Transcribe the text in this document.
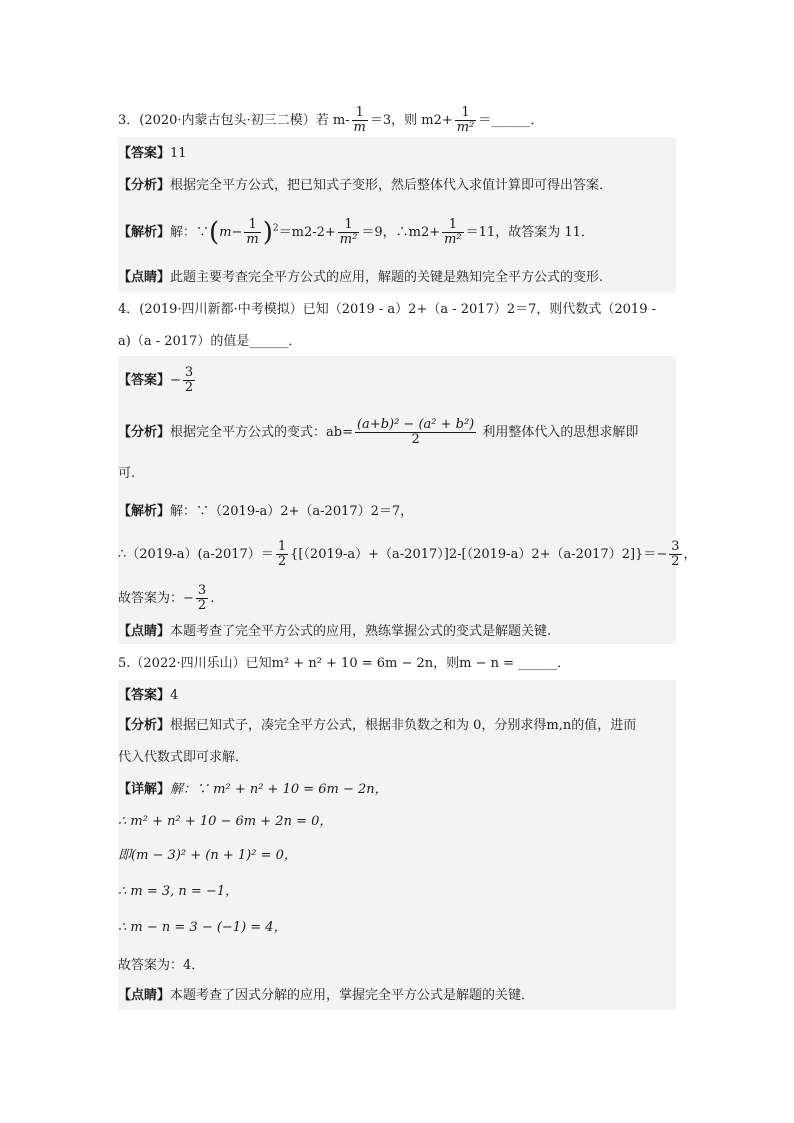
3．(2020·内蒙古包头·初三二模）若 $m- \frac{1}{m} =3$，则 $m2+ \frac{1}{\text{m²}}$ ＝______．
【答案】11
【分析】根据完全平方公式，把已知式子变形，然后整体代入求值计算即可得出答案．
【解析】解：∵(m− $\frac{1}{m} )^2=m2-2+ \frac{1}{\text{m²}} =9$，∴m2+ $\frac{1}{\text{m²}} =11$，故答案为 11．
【点睛】此题主要考查完全平方公式的应用，解题的关键是熟知完全平方公式的变形.
4．(2019·四川新都·中考模拟）已知（2019 - a）2+（a - 2017）2＝7，则代数式（2019 -
a)（a - 2017）的值是______．
【答案】− $\frac{3}{2}$
【分析】根据完全平方公式的变式：$ab= \frac{\text{(a+b)² − (a² + b²)}}{2}$ 利用整体代入的思想求解即
可.
【解析】解：∵（2019-a）2+（a-2017）2＝7，
∴（2019-a）(a-2017）＝ $\frac{1}{2} \{[(2019-a)+(a-2017)]2-[(2019-a)2+(a-2017)2]\}=- \frac{3}{2}$ ，
故答案为：− $\frac{3}{2}$ .
【点睛】本题考查了完全平方公式的应用，熟练掌握公式的变式是解题关键.
5.（2022·四川乐山）已知m² + n² + 10 = 6m − 2n，则m − n = ______．
【答案】4
【分析】根据已知式子，凑完全平方公式，根据非负数之和为 0，分别求得m,n的值，进而
代入代数式即可求解．
【详解】解：∵ m² + n² + 10 = 6m − 2n，
∴ m² + n² + 10 − 6m + 2n = 0，
即(m − 3)² + (n + 1)² = 0，
∴ m = 3, n = −1，
∴ m − n = 3 − (−1) = 4，
故答案为：4．
【点睛】本题考查了因式分解的应用，掌握完全平方公式是解题的关键．
